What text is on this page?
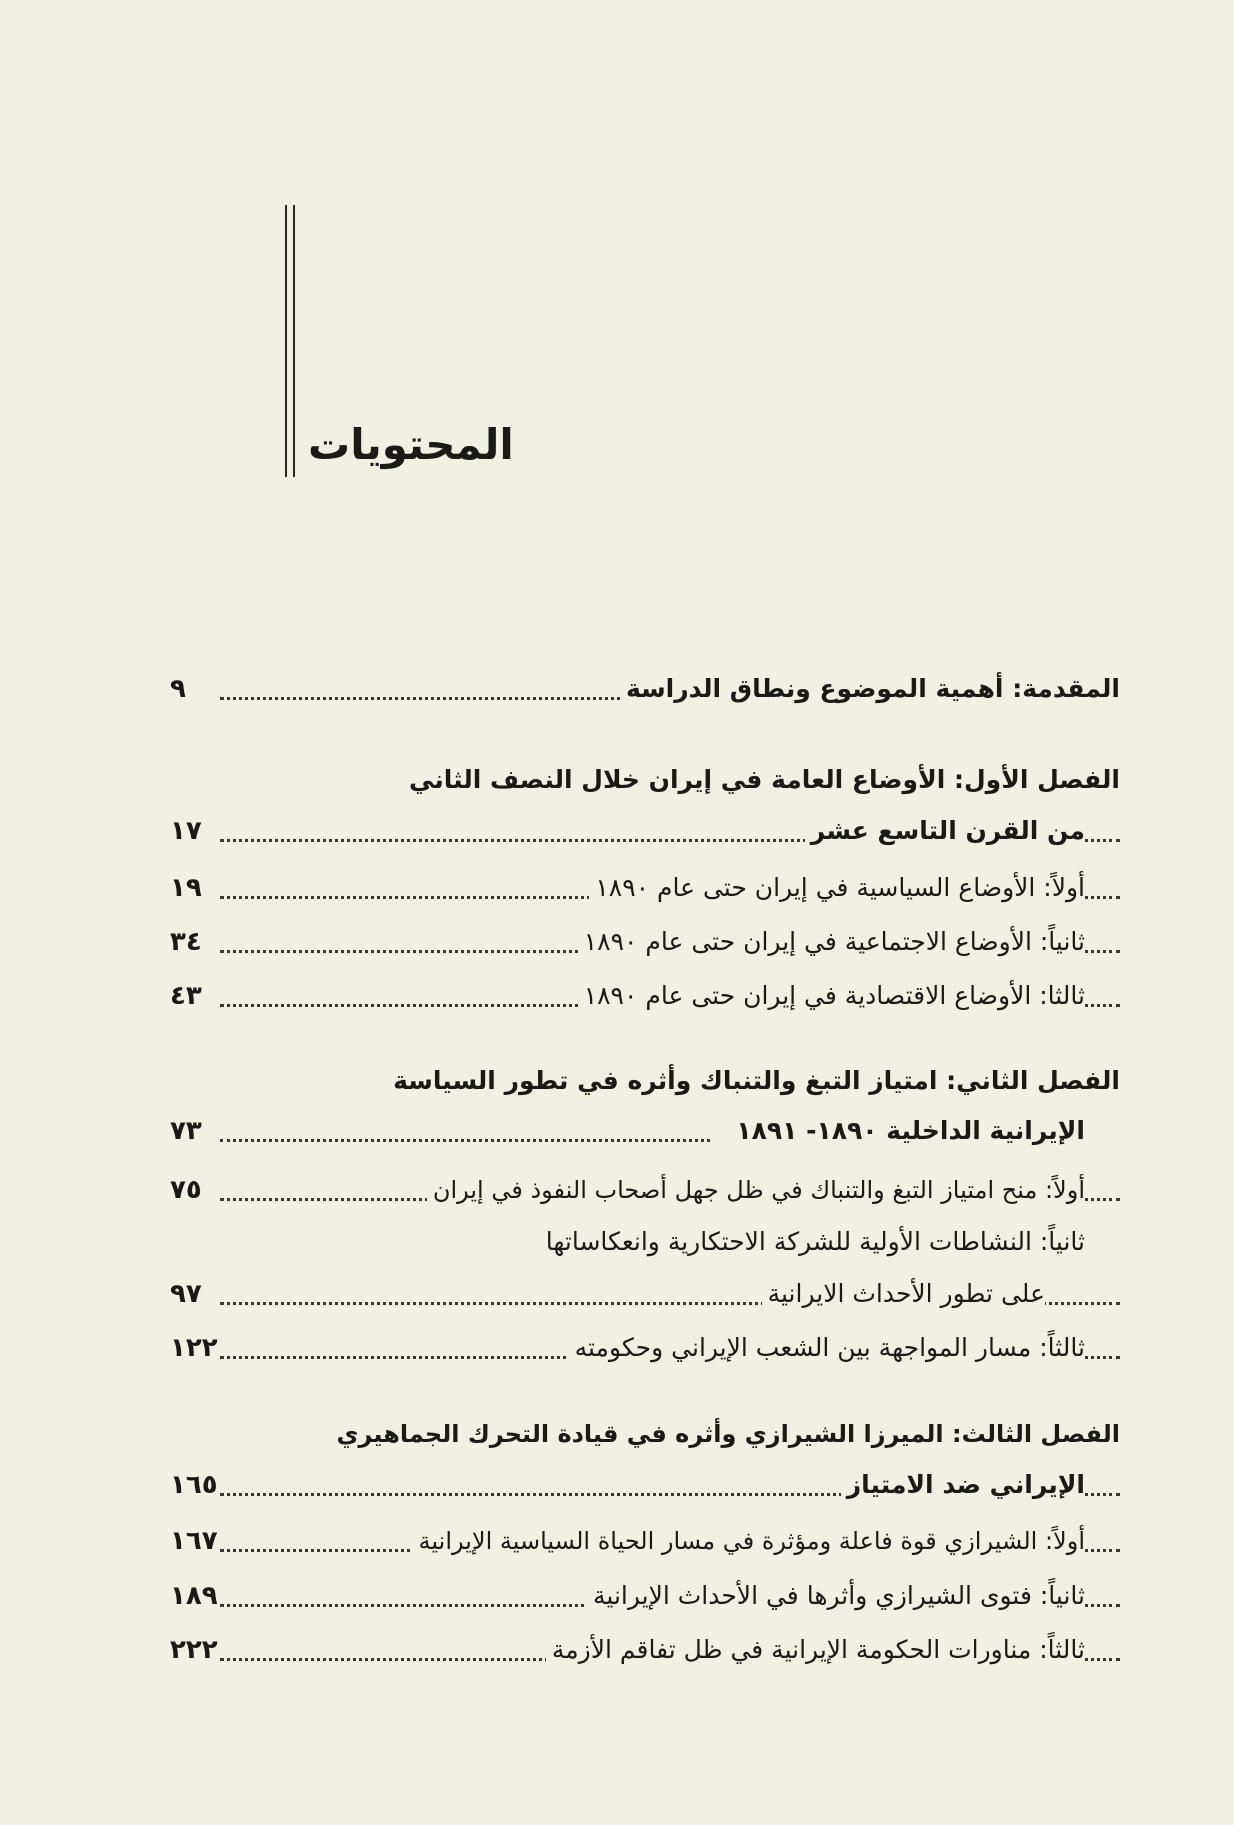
المحتويات
المقدمة: أهمية الموضوع ونطاق الدراسة
٩
الفصل الأول: الأوضاع العامة في إيران خلال النصف الثاني
من القرن التاسع عشر
١٧
أولاً: الأوضاع السياسية في إيران حتى عام ١٨٩٠
١٩
ثانياً: الأوضاع الاجتماعية في إيران حتى عام ١٨٩٠
٣٤
ثالثا: الأوضاع الاقتصادية في إيران حتى عام ١٨٩٠
٤٣
الفصل الثاني: امتياز التبغ والتنباك وأثره في تطور السياسة
الإيرانية الداخلية ١٨٩٠- ١٨٩١
٧٣
أولاً: منح امتياز التبغ والتنباك في ظل جهل أصحاب النفوذ في إيران
٧٥
ثانياً: النشاطات الأولية للشركة الاحتكارية وانعكاساتها
على تطور الأحداث الايرانية
٩٧
ثالثاً: مسار المواجهة بين الشعب الإيراني وحكومته
١٢٢
الفصل الثالث: الميرزا الشيرازي وأثره في قيادة التحرك الجماهيري
الإيراني ضد الامتياز
١٦٥
أولاً: الشيرازي قوة فاعلة ومؤثرة في مسار الحياة السياسية الإيرانية
١٦٧
ثانياً: فتوى الشيرازي وأثرها في الأحداث الإيرانية
١٨٩
ثالثاً: مناورات الحكومة الإيرانية في ظل تفاقم الأزمة
٢٢٢
